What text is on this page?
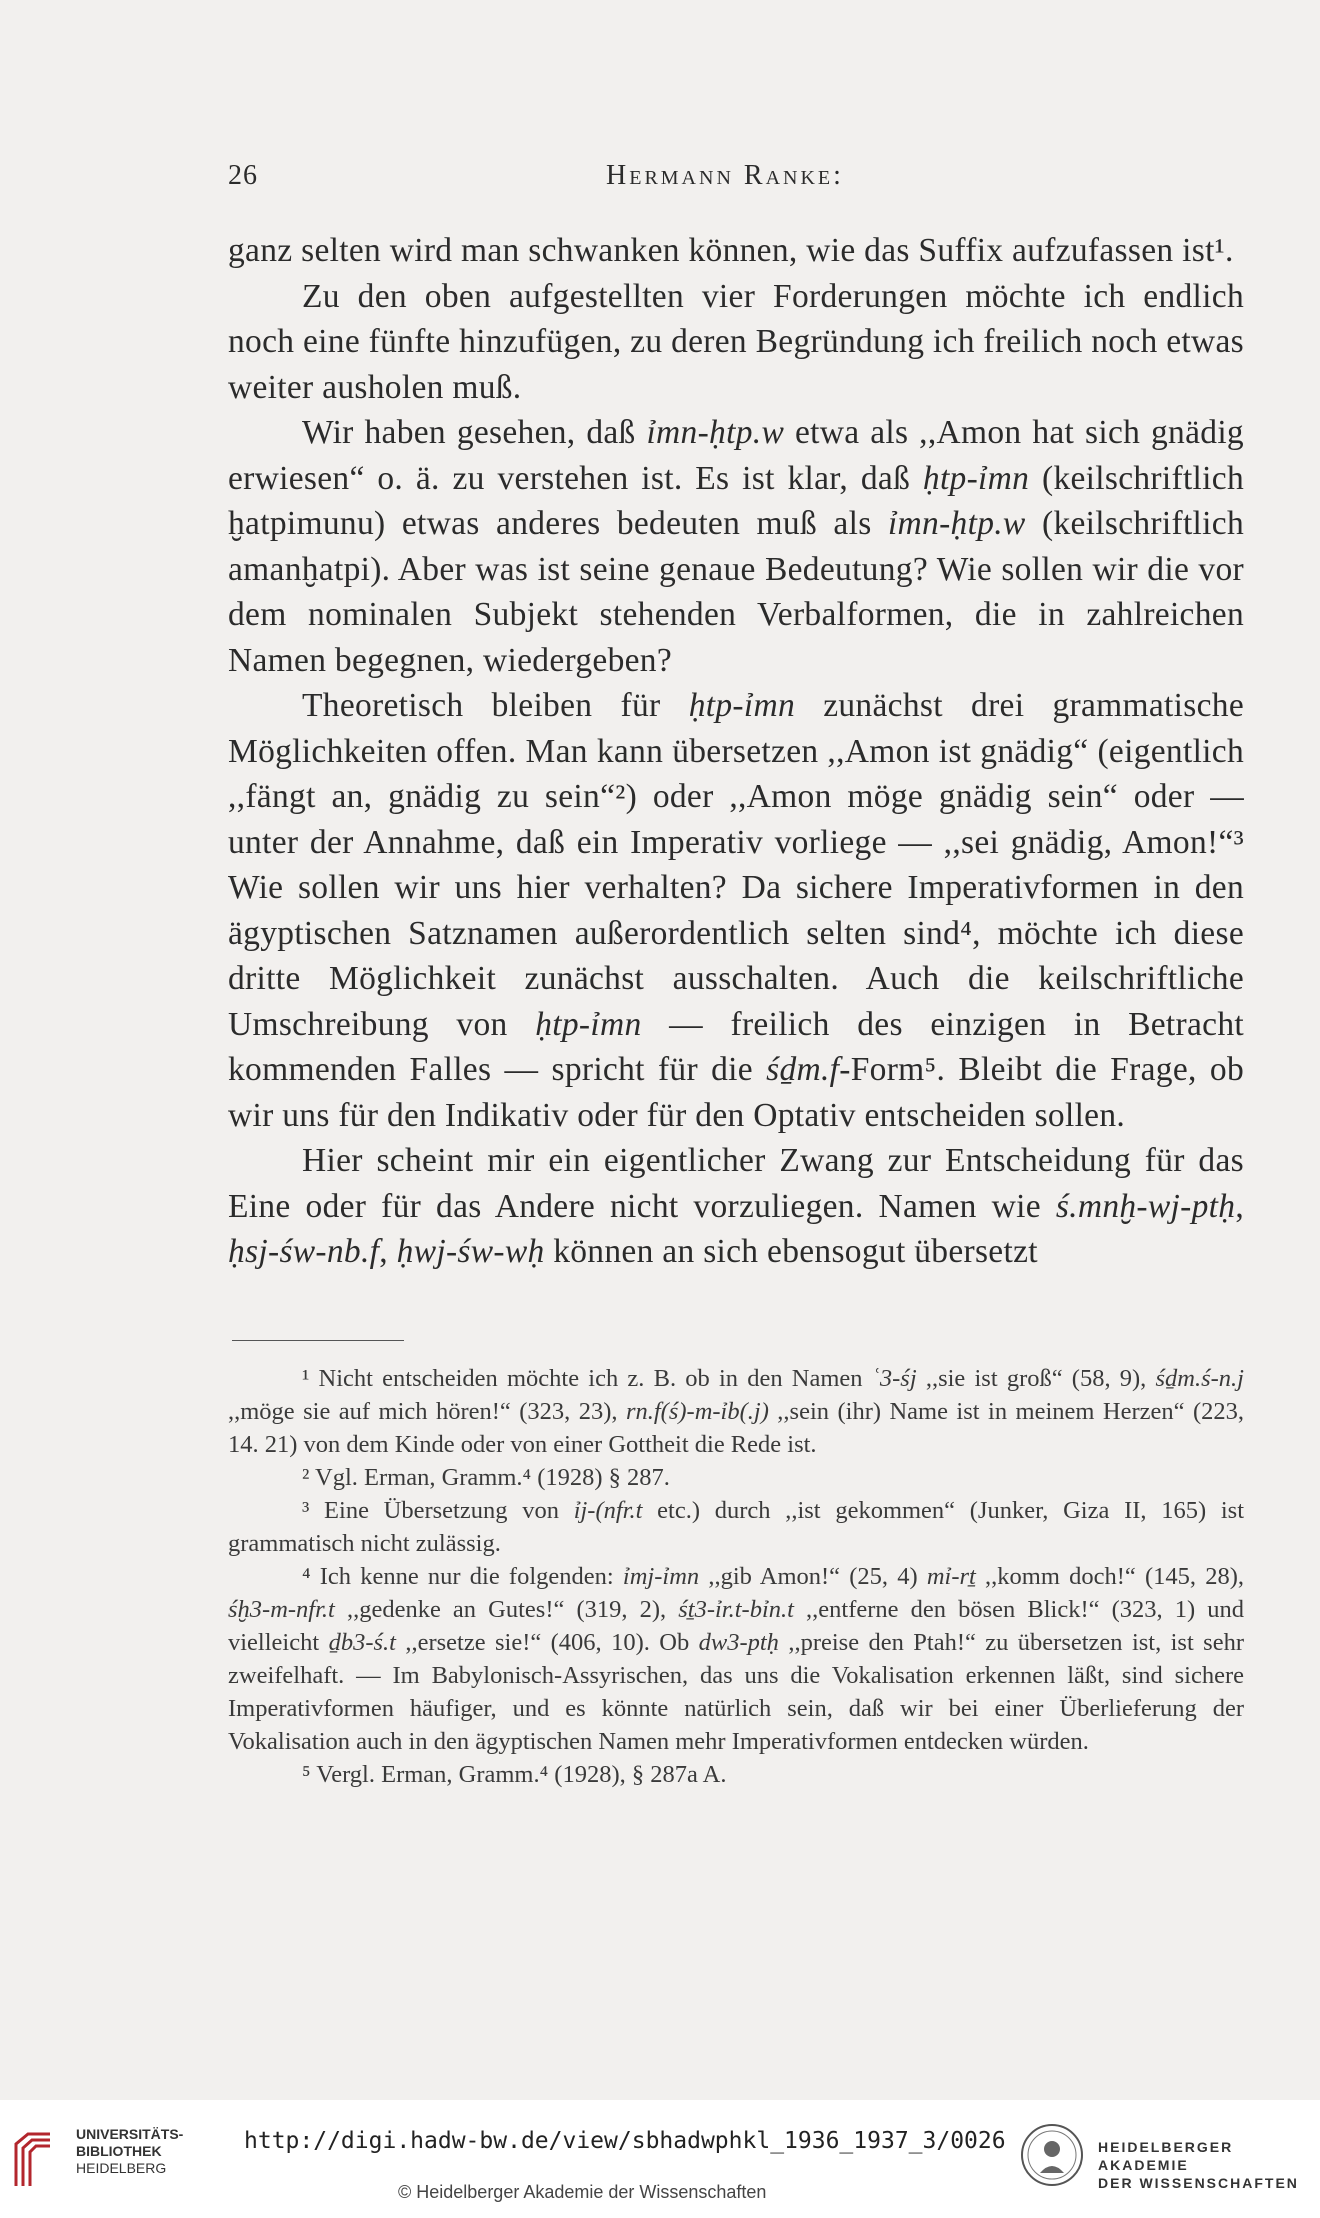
26	Hermann Ranke:

ganz selten wird man schwanken können, wie das Suffix aufzufassen ist¹.

Zu den oben aufgestellten vier Forderungen möchte ich endlich noch eine fünfte hinzufügen, zu deren Begründung ich freilich noch etwas weiter ausholen muß.

Wir haben gesehen, daß ỉmn-ḥtp.w etwa als ,,Amon hat sich gnädig erwiesen“ o. ä. zu verstehen ist. Es ist klar, daß ḥtp-ỉmn (keilschriftlich ḫatpimunu) etwas anderes bedeuten muß als ỉmn-ḥtp.w (keilschriftlich amanḫatpi). Aber was ist seine genaue Bedeutung? Wie sollen wir die vor dem nominalen Subjekt stehenden Verbalformen, die in zahlreichen Namen begegnen, wiedergeben?

Theoretisch bleiben für ḥtp-ỉmn zunächst drei grammatische Möglichkeiten offen. Man kann übersetzen ,,Amon ist gnädig“ (eigentlich ,,fängt an, gnädig zu sein“²) oder ,,Amon möge gnädig sein“ oder — unter der Annahme, daß ein Imperativ vorliege — ,,sei gnädig, Amon!“³ Wie sollen wir uns hier verhalten? Da sichere Imperativformen in den ägyptischen Satznamen außerordentlich selten sind⁴, möchte ich diese dritte Möglichkeit zunächst ausschalten. Auch die keilschriftliche Umschreibung von ḥtp-ỉmn — freilich des einzigen in Betracht kommenden Falles — spricht für die śḏm.f-Form⁵. Bleibt die Frage, ob wir uns für den Indikativ oder für den Optativ entscheiden sollen.

Hier scheint mir ein eigentlicher Zwang zur Entscheidung für das Eine oder für das Andere nicht vorzuliegen. Namen wie ś.mnḫ-wj-ptḥ, ḥsj-św-nb.f, ḥwj-św-wḥ können an sich ebensogut übersetzt

¹ Nicht entscheiden möchte ich z. B. ob in den Namen ʿ3-śj ,,sie ist groß“ (58, 9), śḏm.ś-n.j ,,möge sie auf mich hören!“ (323, 23), rn.f(ś)-m-ỉb(.j) ,,sein (ihr) Name ist in meinem Herzen“ (223, 14. 21) von dem Kinde oder von einer Gottheit die Rede ist.

² Vgl. Erman, Gramm.⁴ (1928) § 287.

³ Eine Übersetzung von ỉj-(nfr.t etc.) durch ,,ist gekommen“ (Junker, Giza II, 165) ist grammatisch nicht zulässig.

⁴ Ich kenne nur die folgenden: ỉmj-ỉmn ,,gib Amon!“ (25, 4) mỉ-rṯ ,,komm doch!“ (145, 28), śḫ3-m-nfr.t ,,gedenke an Gutes!“ (319, 2), śṯ3-ỉr.t-bỉn.t ,,entferne den bösen Blick!“ (323, 1) und vielleicht ḏb3-ś.t ,,ersetze sie!“ (406, 10). Ob dw3-ptḥ ,,preise den Ptah!“ zu übersetzen ist, ist sehr zweifelhaft. — Im Babylonisch-Assyrischen, das uns die Vokalisation erkennen läßt, sind sichere Imperativformen häufiger, und es könnte natürlich sein, daß wir bei einer Überlieferung der Vokalisation auch in den ägyptischen Namen mehr Imperativformen entdecken würden.

⁵ Vergl. Erman, Gramm.⁴ (1928), § 287a A.

UNIVERSITÄTS-
BIBLIOTHEK
HEIDELBERG
http://digi.hadw-bw.de/view/sbhadwphkl_1936_1937_3/0026
© Heidelberger Akademie der Wissenschaften
HEIDELBERGER AKADEMIE
DER WISSENSCHAFTEN
